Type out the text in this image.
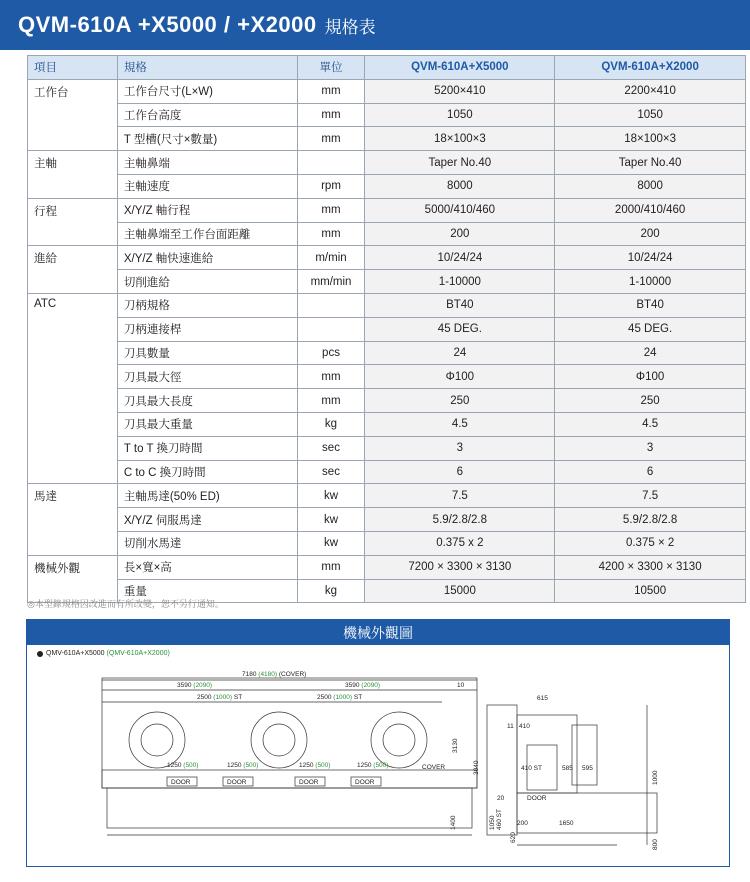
QVM-610A +X5000 / +X2000 規格表
項目	規格	單位	QVM-610A+X5000	QVM-610A+X2000
工作台	工作台尺寸(L×W)	mm	5200×410	2200×410
	工作台高度	mm	1050	1050
	T 型槽(尺寸×數量)	mm	18×100×3	18×100×3
主軸	主軸鼻端		Taper No.40	Taper No.40
	主軸速度	rpm	8000	8000
行程	X/Y/Z 軸行程	mm	5000/410/460	2000/410/460
	主軸鼻端至工作台面距離	mm	200	200
進給	X/Y/Z 軸快速進給	m/min	10/24/24	10/24/24
	切削進給	mm/min	1-10000	1-10000
ATC	刀柄規格		BT40	BT40
	刀柄連接桿		45 DEG.	45 DEG.
	刀具數量	pcs	24	24
	刀具最大徑	mm	Φ100	Φ100
	刀具最大長度	mm	250	250
	刀具最大重量	kg	4.5	4.5
	T to T 換刀時間	sec	3	3
	C to C 換刀時間	sec	6	6
馬達	主軸馬達(50% ED)	kw	7.5	7.5
	X/Y/Z 伺服馬達	kw	5.9/2.8/2.8	5.9/2.8/2.8
	切削水馬達	kw	0.375 x 2	0.375 × 2
機械外觀	長×寬×高	mm	7200 × 3300 × 3130	4200 × 3300 × 3130
	重量	kg	15000	10500
◎本型錄規格因改進而有所改變，恕不另行通知。
機械外觀圖
QMV-610A+X5000 (QMV-610A+X2000)
7180 (4180) (COVER)
3590 (2090)	3590 (2090)	10
2500 (1000) ST	2500 (1000) ST
1250 (500)	1250 (500)	1250 (500)	1250 (500)	COVER
DOOR	DOOR	DOOR	DOOR
DOOR
3130
3040
1400	1050
615
410
11
410 ST	585 595
20
460 ST	1650
200
620
1000
800
